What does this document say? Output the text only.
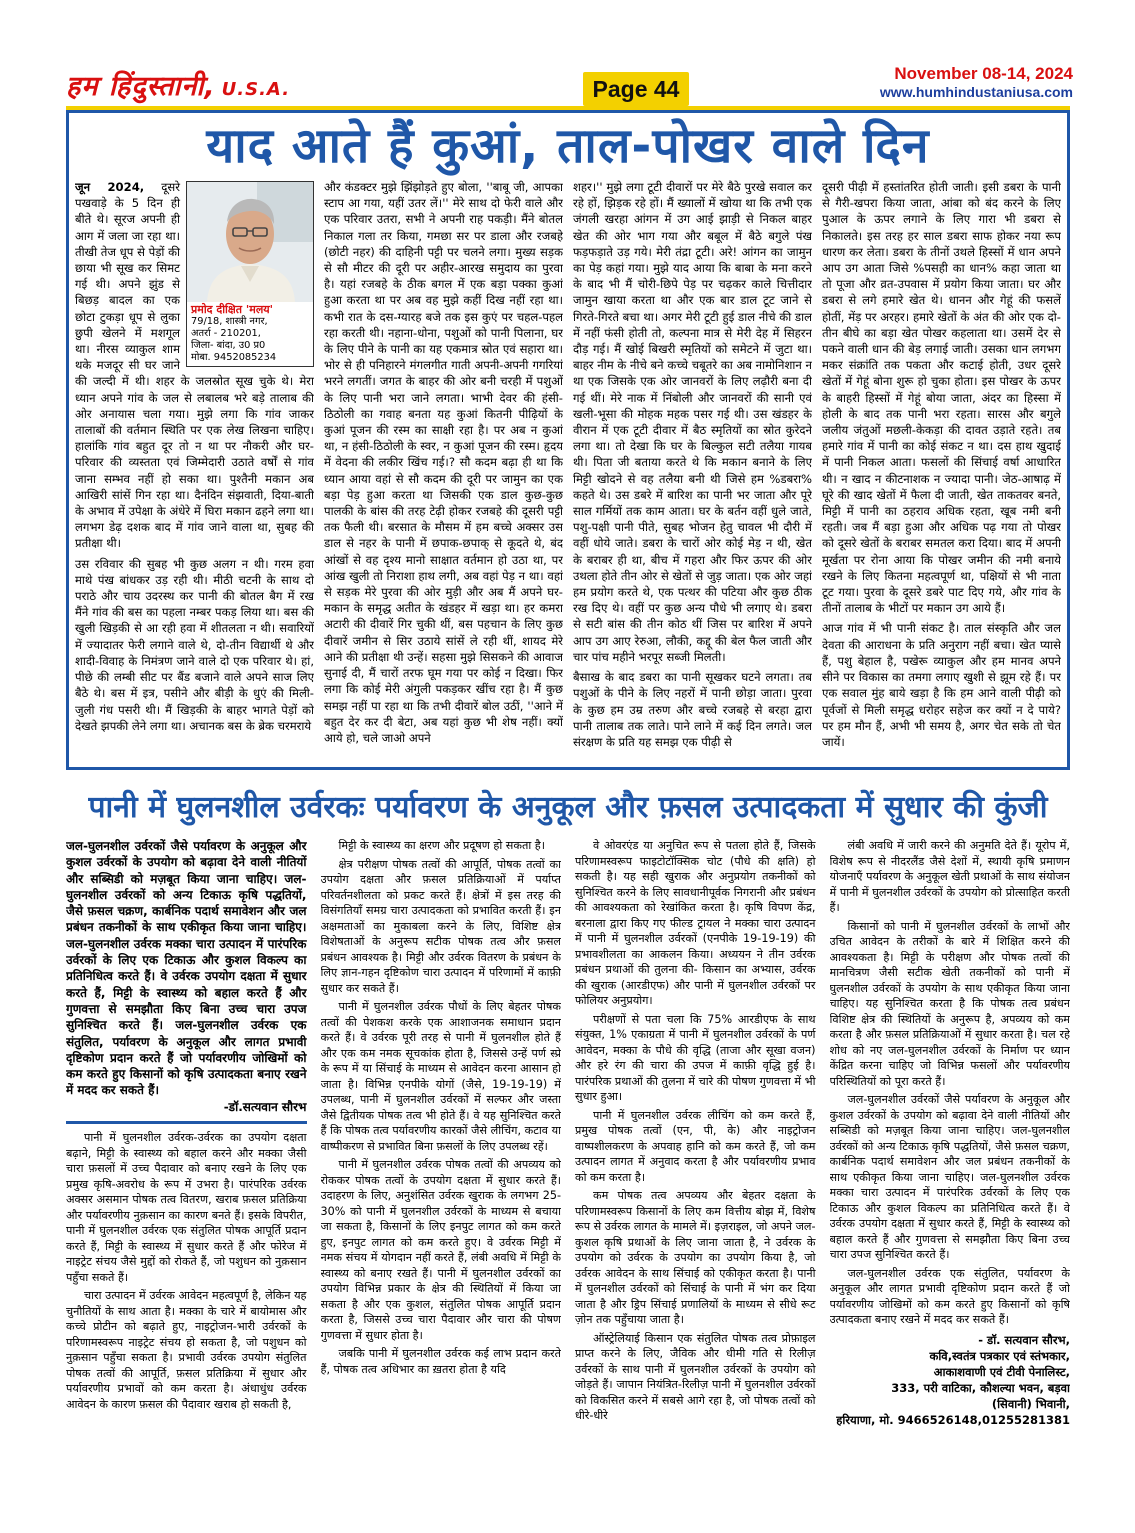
हम हिंदुस्तानी, U.S.A.	Page 44
November 08-14, 2024
www.humhindustaniusa.com
याद आते हैं कुआं, ताल-पोखर वाले दिन
प्रमोद दीक्षित 'मलय'
79/18, शास्त्री नगर,
अतर्रा - 210201,
जिला- बांदा, उ0 प्र0
मोबा. 9452085234

जून 2024, दूसरे पखवाड़े के 5 दिन ही बीते थे। सूरज अपनी ही आग में जला जा रहा था। तीखी तेज धूप से पेड़ों की छाया भी सूख कर सिमट गई थी। अपने झुंड से बिछड़ बादल का एक छोटा टुकड़ा धूप से लुका छुपी खेलने में मशगूल था। नीरस व्याकुल शाम थके मजदूर सी घर जाने की जल्दी में थी। शहर के जलस्रोत सूख चुके थे। मेरा ध्यान अपने गांव के जल से लबालब भरे बड़े तालाब की ओर अनायास चला गया। मुझे लगा कि गांव जाकर तालाबों की वर्तमान स्थिति पर एक लेख लिखना चाहिए। हालांकि गांव बहुत दूर तो न था पर नौकरी और घर-परिवार की व्यस्तता एवं जिम्मेदारी उठाते वर्षों से गांव जाना सम्भव नहीं हो सका था। पुश्तैनी मकान अब आखिरी सांसें गिन रहा था। दैनंदिन संझवाती, दिया-बाती के अभाव में उपेक्षा के अंधेरे में घिरा मकान ढहने लगा था। लगभग डेढ़ दशक बाद में गांव जाने वाला था, सुबह की प्रतीक्षा थी।

उस रविवार की सुबह भी कुछ अलग न थी। गरम हवा माथे पंख बांधकर उड़ रही थी। मीठी चटनी के साथ दो पराठे और चाय उदरस्थ कर पानी की बोतल बैग में रख मैंने गांव की बस का पहला नम्बर पकड़ लिया था। बस की खुली खिड़की से आ रही हवा में शीतलता न थी। सवारियों में ज्यादातर फेरी लगाने वाले थे, दो-तीन विद्यार्थी थे और शादी-विवाह के निमंत्रण जाने वाले दो एक परिवार थे। हां, पीछे की लम्बी सीट पर बैंड बजाने वाले अपने साज लिए बैठे थे। बस में इत्र, पसीने और बीड़ी के धुएं की मिली-जुली गंध पसरी थी। मैं खिड़की के बाहर भागते पेड़ों को देखते झपकी लेने लगा था। अचानक बस के ब्रेक चरमराये

और कंडक्टर मुझे झिंझोड़ते हुए बोला, ''बाबू जी, आपका स्टाप आ गया, यहीं उतर लें।'' मेरे साथ दो फेरी वाले और एक परिवार उतरा, सभी ने अपनी राह पकड़ी। मैंने बोतल निकाल गला तर किया, गमछा सर पर डाला और रजबहे (छोटी नहर) की दाहिनी पट्टी पर चलने लगा। मुख्य सड़क से सौ मीटर की दूरी पर अहीर-आरख समुदाय का पुरवा है। यहां रजबहे के ठीक बगल में एक बड़ा पक्का कुआं हुआ करता था पर अब वह मुझे कहीं दिख नहीं रहा था। कभी रात के दस-ग्यारह बजे तक इस कुएं पर चहल-पहल रहा करती थी। नहाना-धोना, पशुओं को पानी पिलाना, घर के लिए पीने के पानी का यह एकमात्र स्रोत एवं सहारा था। भोर से ही पनिहारने मंगलगीत गाती अपनी-अपनी गगरियां भरने लगतीं। जगत के बाहर की ओर बनी चरही में पशुओं के लिए पानी भरा जाने लगता। भाभी देवर की हंसी-ठिठोली का गवाह बनता यह कुआं कितनी पीढ़ियों के कुआं पूजन की रस्म का साक्षी रहा है। पर अब न कुआं था, न हंसी-ठिठोली के स्वर, न कुआं पूजन की रस्म। हृदय में वेदना की लकीर खिंच गई।? सौ कदम बढ़ा ही था कि ध्यान आया वहां से सौ कदम की दूरी पर जामुन का एक बड़ा पेड़ हुआ करता था जिसकी एक डाल कुछ-कुछ पालकी के बांस की तरह टेढ़ी होकर रजबहे की दूसरी पट्टी तक फैली थी। बरसात के मौसम में हम बच्चे अक्सर उस डाल से नहर के पानी में छपाक-छपाक् से कूदते थे, बंद आंखों से वह दृश्य मानो साक्षात वर्तमान हो उठा था, पर आंख खुली तो निराशा हाथ लगी, अब वहां पेड़ न था। वहां से सड़क मेरे पुरवा की ओर मुड़ी और अब मैं अपने घर-मकान के समृद्ध अतीत के खंडहर में खड़ा था। हर कमरा अटारी की दीवारें गिर चुकी थीं, बस पहचान के लिए कुछ दीवारें जमीन से सिर उठाये सांसें ले रही थीं, शायद मेरे आने की प्रतीक्षा थी उन्हें। सहसा मुझे सिसकने की आवाज सुनाई दी, मैं चारों तरफ घूम गया पर कोई न दिखा। फिर लगा कि कोई मेरी अंगुली पकड़कर खींच रहा है। मैं कुछ समझ नहीं पा रहा था कि तभी दीवारें बोल उठीं, ''आने में बहुत देर कर दी बेटा, अब यहां कुछ भी शेष नहीं। क्यों आये हो, चले जाओ अपने

शहर।'' मुझे लगा टूटी दीवारों पर मेरे बैठे पुरखे सवाल कर रहे हों, झिड़क रहे हों। मैं ख्यालों में खोया था कि तभी एक जंगली खरहा आंगन में उग आई झाड़ी से निकल बाहर खेत की ओर भाग गया और बबूल में बैठे बगुले पंख फड़फड़ाते उड़ गये। मेरी तंद्रा टूटी। अरे! आंगन का जामुन का पेड़ कहां गया। मुझे याद आया कि बाबा के मना करने के बाद भी मैं चोरी-छिपे पेड़ पर चढ़कर काले चित्तीदार जामुन खाया करता था और एक बार डाल टूट जाने से गिरते-गिरते बचा था। अगर मेरी टूटी हुई डाल नीचे की डाल में नहीं फंसी होती तो, कल्पना मात्र से मेरी देह में सिहरन दौड़ गई। मैं खोई बिखरी स्मृतियों को समेटने में जुटा था। बाहर नीम के नीचे बने कच्चे चबूतरे का अब नामोनिशान न था एक जिसके एक ओर जानवरों के लिए लढ़ौरी बना दी गई थीं। मेरे नाक में निंबोली और जानवरों की सानी एवं खली-भूसा की मोहक महक पसर गई थी। उस खंडहर के वीरान में एक टूटी दीवार में बैठ स्मृतियों का स्रोत कुरेदने लगा था। तो देखा कि घर के बिल्कुल सटी तलैया गायब थी। पिता जी बताया करते थे कि मकान बनाने के लिए मिट्टी खोदने से वह तलैया बनी थी जिसे हम %डबरा% कहते थे। उस डबरे में बारिश का पानी भर जाता और पूरे साल गर्मियों तक काम आता। घर के बर्तन वहीं धुले जाते, पशु-पक्षी पानी पीते, सुबह भोजन हेतु चावल भी दौरी में वहीं धोये जाते। डबरा के चारों ओर कोई मेड़ न थी, खेत के बराबर ही था, बीच में गहरा और फिर ऊपर की ओर उथला होते तीन ओर से खेतों से जुड़ जाता। एक ओर जहां हम प्रयोग करते थे, एक पत्थर की पटिया और कुछ ठीक रख दिए थे। वहीं पर कुछ अन्य पौधे भी लगाए थे। डबरा से सटी बांस की तीन कोठ थीं जिस पर बारिश में अपने आप उग आए रेरुआ, लौकी, कद्दू की बेल फैल जाती और चार पांच महीने भरपूर सब्जी मिलती।

बैसाख के बाद डबरा का पानी सूखकर घटने लगता। तब पशुओं के पीने के लिए नहरों में पानी छोड़ा जाता। पुरवा के कुछ हम उम्र तरुण और बच्चे रजबहे से बरहा द्वारा पानी तालाब तक लाते। पाने लाने में कई दिन लगते। जल संरक्षण के प्रति यह समझ एक पीढ़ी से

दूसरी पीढ़ी में हस्तांतरित होती जाती। इसी डबरा के पानी से गैरी-खपरा किया जाता, आंबा को बंद करने के लिए पुआल के ऊपर लगाने के लिए गारा भी डबरा से निकालते। इस तरह हर साल डबरा साफ होकर नया रूप धारण कर लेता। डबरा के तीनों उथले हिस्सों में धान अपने आप उग आता जिसे %पसही का धान% कहा जाता था तो पूजा और व्रत-उपवास में प्रयोग किया जाता। घर और डबरा से लगे हमारे खेत थे। धानन और गेहूं की फसलें होतीं, मेंड़ पर अरहर। हमारे खेतों के अंत की ओर एक दो-तीन बीघे का बड़ा खेत पोखर कहलाता था। उसमें देर से पकने वाली धान की बेड़ लगाई जाती। उसका धान लगभग मकर संक्रांति तक पकता और कटाई होती, उधर दूसरे खेतों में गेहूं बोना शुरू हो चुका होता। इस पोखर के ऊपर के बाहरी हिस्सों में गेहूं बोया जाता, अंदर का हिस्सा में होली के बाद तक पानी भरा रहता। सारस और बगुले जलीय जंतुओं मछली-केकड़ा की दावत उड़ाते रहते। तब हमारे गांव में पानी का कोई संकट न था। दस हाथ खुदाई में पानी निकल आता। फसलों की सिंचाई वर्षा आधारित थी। न खाद न कीटनाशक न ज्यादा पानी। जेठ-आषाढ़ में घूरे की खाद खेतों में फैला दी जाती, खेत ताकतवर बनते, मिट्टी में पानी का ठहराव अधिक रहता, खूब नमी बनी रहती। जब मैं बड़ा हुआ और अधिक पढ़ गया तो पोखर को दूसरे खेतों के बराबर समतल करा दिया। बाद में अपनी मूर्खता पर रोना आया कि पोखर जमीन की नमी बनाये रखने के लिए कितना महत्वपूर्ण था, पक्षियों से भी नाता टूट गया। पुरवा के दूसरे डबरे पाट दिए गये, और गांव के तीनों तालाब के भीटों पर मकान उग आये हैं।

आज गांव में भी पानी संकट है। ताल संस्कृति और जल देवता की आराधना के प्रति अनुराग नहीं बचा। खेत प्यासे हैं, पशु बेहाल है, पखेरू व्याकुल और हम मानव अपने सीने पर विकास का तमगा लगाए खुशी से झूम रहे हैं। पर एक सवाल मुंह बाये खड़ा है कि हम आने वाली पीढ़ी को पूर्वजों से मिली समृद्ध धरोहर सहेज कर क्यों न दे पाये? पर हम मौन हैं, अभी भी समय है, अगर चेत सके तो चेत जायें।

पानी में घुलनशील उर्वरकः पर्यावरण के अनुकूल और फ़सल उत्पादकता में सुधार की कुंजी
जल-घुलनशील उर्वरकों जैसे पर्यावरण के अनुकूल और कुशल उर्वरकों के उपयोग को बढ़ावा देने वाली नीतियों और सब्सिडी को मज़बूत किया जाना चाहिए। जल-घुलनशील उर्वरकों को अन्य टिकाऊ कृषि पद्धतियों, जैसे फ़सल चक्रण, कार्बनिक पदार्थ समावेशन और जल प्रबंधन तकनीकों के साथ एकीकृत किया जाना चाहिए। जल-घुलनशील उर्वरक मक्का चारा उत्पादन में पारंपरिक उर्वरकों के लिए एक टिकाऊ और कुशल विकल्प का प्रतिनिधित्व करते हैं। वे उर्वरक उपयोग दक्षता में सुधार करते हैं, मिट्टी के स्वास्थ्य को बहाल करते हैं और गुणवत्ता से समझौता किए बिना उच्च चारा उपज सुनिश्चित करते हैं। जल-घुलनशील उर्वरक एक संतुलित, पर्यावरण के अनुकूल और लागत प्रभावी दृष्टिकोण प्रदान करते हैं जो पर्यावरणीय जोखिमों को कम करते हुए किसानों को कृषि उत्पादकता बनाए रखने में मदद कर सकते हैं।
-डॉ.सत्यवान सौरभ

पानी में घुलनशील उर्वरक-उर्वरक का उपयोग दक्षता बढ़ाने, मिट्टी के स्वास्थ्य को बहाल करने और मक्का जैसी चारा फ़सलों में उच्च पैदावार को बनाए रखने के लिए एक प्रमुख कृषि-अवरोध के रूप में उभरा है। पारंपरिक उर्वरक अक्सर असमान पोषक तत्व वितरण, खराब फ़सल प्रतिक्रिया और पर्यावरणीय नुक़सान का कारण बनते हैं। इसके विपरीत, पानी में घुलनशील उर्वरक एक संतुलित पोषक आपूर्ति प्रदान करते हैं, मिट्टी के स्वास्थ्य में सुधार करते हैं और फोरेज में नाइट्रेट संचय जैसे मुद्दों को रोकते हैं, जो पशुधन को नुक़सान पहुँचा सकते हैं।

चारा उत्पादन में उर्वरक आवेदन महत्वपूर्ण है, लेकिन यह चुनौतियों के साथ आता है। मक्का के चारे में बायोमास और कच्चे प्रोटीन को बढ़ाते हुए, नाइट्रोजन-भारी उर्वरकों के परिणामस्वरूप नाइट्रेट संचय हो सकता है, जो पशुधन को नुक़सान पहुँचा सकता है। प्रभावी उर्वरक उपयोग संतुलित पोषक तत्वों की आपूर्ति, फ़सल प्रतिक्रिया में सुधार और पर्यावरणीय प्रभावों को कम करता है। अंधाधुंध उर्वरक आवेदन के कारण फ़सल की पैदावार खराब हो सकती है,

मिट्टी के स्वास्थ्य का क्षरण और प्रदूषण हो सकता है।

क्षेत्र परीक्षण पोषक तत्वों की आपूर्ति, पोषक तत्वों का उपयोग दक्षता और फ़सल प्रतिक्रियाओं में पर्याप्त परिवर्तनशीलता को प्रकट करते हैं। क्षेत्रों में इस तरह की विसंगतियाँ समग्र चारा उत्पादकता को प्रभावित करती हैं। इन अक्षमताओं का मुकाबला करने के लिए, विशिष्ट क्षेत्र विशेषताओं के अनुरूप सटीक पोषक तत्व और फ़सल प्रबंधन आवश्यक है। मिट्टी और उर्वरक वितरण के प्रबंधन के लिए ज्ञान-गहन दृष्टिकोण चारा उत्पादन में परिणामों में काफ़ी सुधार कर सकते हैं।

पानी में घुलनशील उर्वरक पौधों के लिए बेहतर पोषक तत्वों की पेशकश करके एक आशाजनक समाधान प्रदान करते हैं। वे उर्वरक पूरी तरह से पानी में घुलनशील होते हैं और एक कम नमक सूचकांक होता है, जिससे उन्हें पर्ण स्प्रे के रूप में या सिंचाई के माध्यम से आवेदन करना आसान हो जाता है। विभिन्न एनपीके योगों (जैसे, 19-19-19) में उपलब्ध, पानी में घुलनशील उर्वरकों में सल्फर और जस्ता जैसे द्वितीयक पोषक तत्व भी होते हैं। वे यह सुनिश्चित करते हैं कि पोषक तत्व पर्यावरणीय कारकों जैसे लीचिंग, कटाव या वाष्पीकरण से प्रभावित बिना फ़सलों के लिए उपलब्ध रहें।

पानी में घुलनशील उर्वरक पोषक तत्वों की अपव्यय को रोककर पोषक तत्वों के उपयोग दक्षता में सुधार करते हैं। उदाहरण के लिए, अनुशंसित उर्वरक खुराक के लगभग 25-30% को पानी में घुलनशील उर्वरकों के माध्यम से बचाया जा सकता है, किसानों के लिए इनपुट लागत को कम करते हुए, इनपुट लागत को कम करते हुए। वे उर्वरक मिट्टी में नमक संचय में योगदान नहीं करते हैं, लंबी अवधि में मिट्टी के स्वास्थ्य को बनाए रखते हैं। पानी में घुलनशील उर्वरकों का उपयोग विभिन्न प्रकार के क्षेत्र की स्थितियों में किया जा सकता है और एक कुशल, संतुलित पोषक आपूर्ति प्रदान करता है, जिससे उच्च चारा पैदावार और चारा की पोषण गुणवत्ता में सुधार होता है।

जबकि पानी में घुलनशील उर्वरक कई लाभ प्रदान करते हैं, पोषक तत्व अधिभार का ख़तरा होता है यदि

वे ओवरएंड या अनुचित रूप से पतला होते हैं, जिसके परिणामस्वरूप फाइटोटॉक्सिक चोट (पौधे की क्षति) हो सकती है। यह सही खुराक और अनुप्रयोग तकनीकों को सुनिश्चित करने के लिए सावधानीपूर्वक निगरानी और प्रबंधन की आवश्यकता को रेखांकित करता है। कृषि विपण केंद्र, बरनाला द्वारा किए गए फील्ड ट्रायल ने मक्का चारा उत्पादन में पानी में घुलनशील उर्वरकों (एनपीके 19-19-19) की प्रभावशीलता का आकलन किया। अध्ययन ने तीन उर्वरक प्रबंधन प्रथाओं की तुलना की- किसान का अभ्यास, उर्वरक की खुराक (आरडीएफ) और पानी में घुलनशील उर्वरकों पर फोलियर अनुप्रयोग।

परीक्षणों से पता चला कि 75% आरडीएफ के साथ संयुक्त, 1% एकाग्रता में पानी में घुलनशील उर्वरकों के पर्ण आवेदन, मक्का के पौधे की वृद्धि (ताजा और सूखा वजन) और हरे रंग की चारा की उपज में काफ़ी वृद्धि हुई है। पारंपरिक प्रथाओं की तुलना में चारे की पोषण गुणवत्ता में भी सुधार हुआ।

पानी में घुलनशील उर्वरक लीचिंग को कम करते हैं, प्रमुख पोषक तत्वों (एन, पी, के) और नाइट्रोजन वाष्पशीलकरण के अपवाह हानि को कम करते हैं, जो कम उत्पादन लागत में अनुवाद करता है और पर्यावरणीय प्रभाव को कम करता है।

कम पोषक तत्व अपव्यय और बेहतर दक्षता के परिणामस्वरूप किसानों के लिए कम वित्तीय बोझ में, विशेष रूप से उर्वरक लागत के मामले में। इज़राइल, जो अपने जल-कुशल कृषि प्रथाओं के लिए जाना जाता है, ने उर्वरक के उपयोग को उर्वरक के उपयोग का उपयोग किया है, जो उर्वरक आवेदन के साथ सिंचाई को एकीकृत करता है। पानी में घुलनशील उर्वरकों को सिंचाई के पानी में भंग कर दिया जाता है और ड्रिप सिंचाई प्रणालियों के माध्यम से सीधे रूट ज़ोन तक पहुँचाया जाता है।

ऑस्ट्रेलियाई किसान एक संतुलित पोषक तत्व प्रोफ़ाइल प्राप्त करने के लिए, जैविक और धीमी गति से रिलीज़ उर्वरकों के साथ पानी में घुलनशील उर्वरकों के उपयोग को जोड़ते हैं। जापान नियंत्रित-रिलीज़ पानी में घुलनशील उर्वरकों को विकसित करने में सबसे आगे रहा है, जो पोषक तत्वों को धीरे-धीरे

लंबी अवधि में जारी करने की अनुमति देते हैं। यूरोप में, विशेष रूप से नीदरलैंड जैसे देशों में, स्थायी कृषि प्रमाणन योजनाएँ पर्यावरण के अनुकूल खेती प्रथाओं के साथ संयोजन में पानी में घुलनशील उर्वरकों के उपयोग को प्रोत्साहित करती हैं।

किसानों को पानी में घुलनशील उर्वरकों के लाभों और उचित आवेदन के तरीकों के बारे में शिक्षित करने की आवश्यकता है। मिट्टी के परीक्षण और पोषक तत्वों की मानचित्रण जैसी सटीक खेती तकनीकों को पानी में घुलनशील उर्वरकों के उपयोग के साथ एकीकृत किया जाना चाहिए। यह सुनिश्चित करता है कि पोषक तत्व प्रबंधन विशिष्ट क्षेत्र की स्थितियों के अनुरूप है, अपव्यय को कम करता है और फ़सल प्रतिक्रियाओं में सुधार करता है। चल रहे शोध को नए जल-घुलनशील उर्वरकों के निर्माण पर ध्यान केंद्रित करना चाहिए जो विभिन्न फसलों और पर्यावरणीय परिस्थितियों को पूरा करते हैं।

जल-घुलनशील उर्वरकों जैसे पर्यावरण के अनुकूल और कुशल उर्वरकों के उपयोग को बढ़ावा देने वाली नीतियों और सब्सिडी को मज़बूत किया जाना चाहिए। जल-घुलनशील उर्वरकों को अन्य टिकाऊ कृषि पद्धतियों, जैसे फ़सल चक्रण, कार्बनिक पदार्थ समावेशन और जल प्रबंधन तकनीकों के साथ एकीकृत किया जाना चाहिए। जल-घुलनशील उर्वरक मक्का चारा उत्पादन में पारंपरिक उर्वरकों के लिए एक टिकाऊ और कुशल विकल्प का प्रतिनिधित्व करते हैं। वे उर्वरक उपयोग दक्षता में सुधार करते हैं, मिट्टी के स्वास्थ्य को बहाल करते हैं और गुणवत्ता से समझौता किए बिना उच्च चारा उपज सुनिश्चित करते हैं।

जल-घुलनशील उर्वरक एक संतुलित, पर्यावरण के अनुकूल और लागत प्रभावी दृष्टिकोण प्रदान करते हैं जो पर्यावरणीय जोखिमों को कम करते हुए किसानों को कृषि उत्पादकता बनाए रखने में मदद कर सकते हैं।

- डॉ. सत्यवान सौरभ,
कवि,स्वतंत्र पत्रकार एवं स्तंभकार,
आकाशवाणी एवं टीवी पेनालिस्ट,
333, परी वाटिका, कौशल्या भवन, बड़वा
(सिवानी) भिवानी,
हरियाणा, मो. 9466526148,01255281381
